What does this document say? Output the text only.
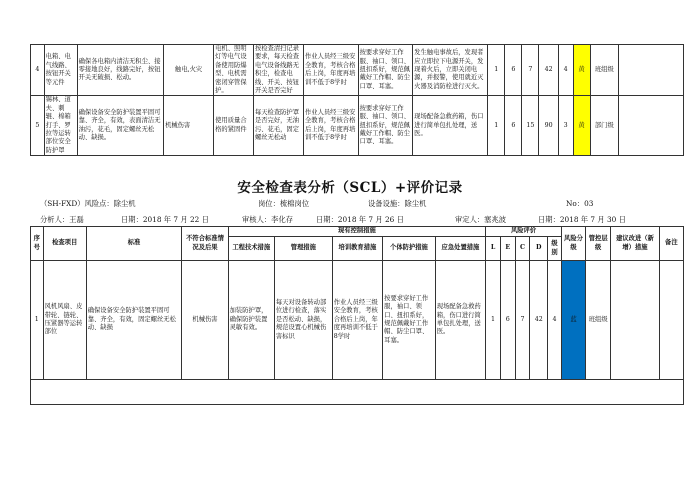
4	电箱、电气线路、按钮开关等元件	确保各电箱内清洁无积尘、接零接地良好，线路完好，按钮开关无破损、松动。	触电,火灾	电机、照明灯等电气设备使用防爆型、电机需密闭穿管保护。	按检查清扫记录要求，每天检查电气设备线路无积尘，检查电线、开关、按钮开关是否完好	作业人员经三级安全教育，考核合格后上岗，年度再培训不低于8学时	按要求穿好工作服、袖口、领口、扭扣系好，规范佩戴好工作帽、防尘口罩、耳塞。	发生触电事故后，发现者应立即拉下电源开关，发现着火后，立即关闭电源，并报警，使用就近灭火器及消防栓进行灭火。	1	6	7	42	4	黄	班组级	
5	锡林、道夫、刺辊、棉箱打手、罗拉等运转部位安全防护罩	确保设备安全防护装置平固可靠、齐全，有效，表面清洁无油污，花毛，固定螺丝无松动、缺损。	机械伤害	使用质量合格的紧固件	每天检查防护罩是否完好，无油污、花毛，固定螺丝无松动	作业人员经三级安全教育，考核合格后上岗，年度再培训不低于8学时	按要求穿好工作服、袖口、领口、扭扣系好，规范佩戴好工作帽、防尘口罩、耳塞。	现场配备急救药箱，伤口进行简单包扎处理，送医。	1	6	15	90	3	黄	部门级	
安全检查表分析（SCL）+评价记录
（SH-FXD）风险点：除尘机	岗位：梳棉岗位	设备设施：除尘机	No：03
分析人：王磊	日期：2018 年 7 月 22 日	审核人：李化存	日期：2018 年 7 月 26 日	审定人：塞兆波	日期：2018 年 7 月 30 日
序号	检查项目	标准	不符合标准情况及后果	现有控制措施					风险评价					风险分级	管控层级	建议改进（新增）措施	备注
				工程技术措施	管理措施	培训教育措施	个体防护措施	应急处置措施	L	E	C	D	级别				
1	风机风扇、皮带轮、链轮、压紧器等运转部位	确保设备安全防护装置平固可靠、齐全，有效，固定螺丝无松动、缺损	机械伤害	加装防护罩，确保防护装置灵敏有效。	每天对设备转动部位进行检查，落实是否松动、缺损，规范设置心机械伤害标识	作业人员经三级安全教育，考核合格后上岗，年度再培训不低于8学时	按要求穿好工作服，袖口、领口、扭扣系好，规范佩戴好工作帽、防尘口罩、耳塞。	现场配备急救药箱，伤口进行简单包扎处理，送医。	1	6	7	42	4	蓝	班组级		
